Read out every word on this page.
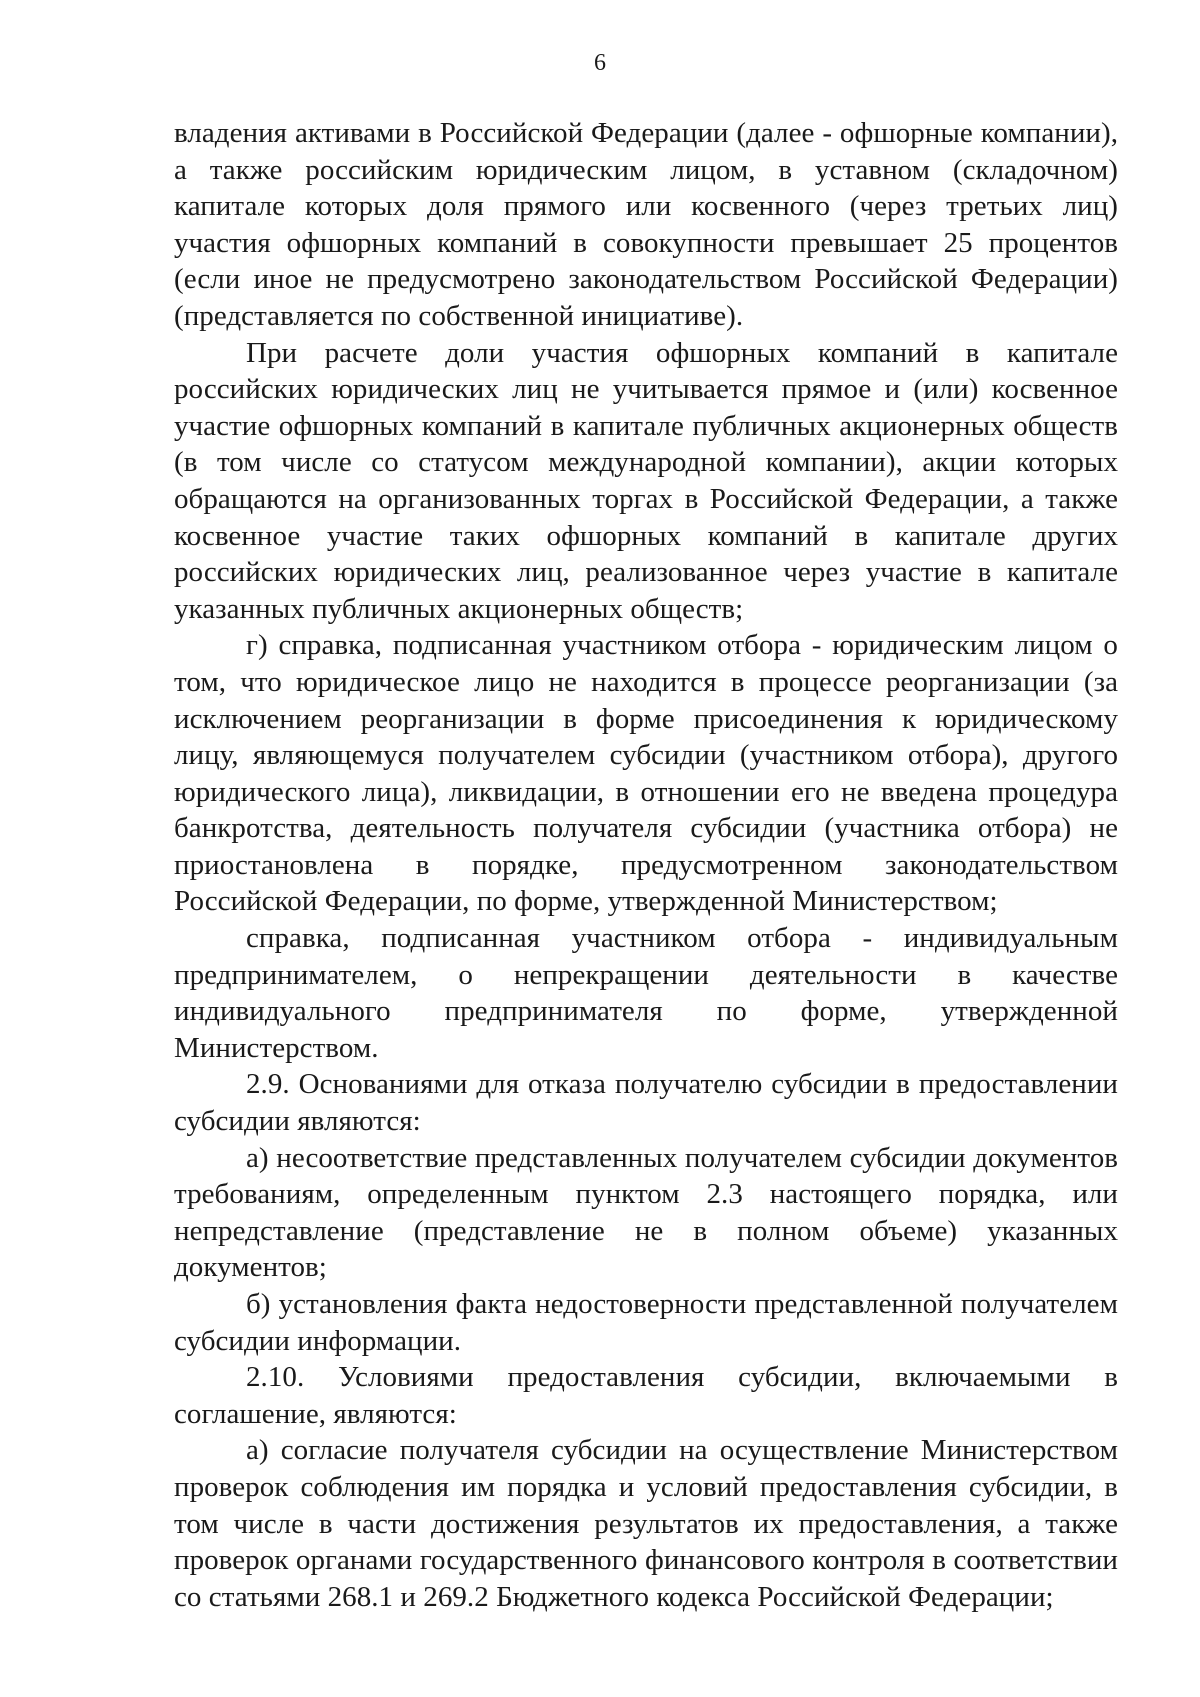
6

владения активами в Российской Федерации (далее - офшорные компании), а также российским юридическим лицом, в уставном (складочном) капитале которых доля прямого или косвенного (через третьих лиц) участия офшорных компаний в совокупности превышает 25 процентов (если иное не предусмотрено законодательством Российской Федерации) (представляется по собственной инициативе).

При расчете доли участия офшорных компаний в капитале российских юридических лиц не учитывается прямое и (или) косвенное участие офшорных компаний в капитале публичных акционерных обществ (в том числе со статусом международной компании), акции которых обращаются на организованных торгах в Российской Федерации, а также косвенное участие таких офшорных компаний в капитале других российских юридических лиц, реализованное через участие в капитале указанных публичных акционерных обществ;

г) справка, подписанная участником отбора - юридическим лицом о том, что юридическое лицо не находится в процессе реорганизации (за исключением реорганизации в форме присоединения к юридическому лицу, являющемуся получателем субсидии (участником отбора), другого юридического лица), ликвидации, в отношении его не введена процедура банкротства, деятельность получателя субсидии (участника отбора) не приостановлена в порядке, предусмотренном законодательством Российской Федерации, по форме, утвержденной Министерством;

справка, подписанная участником отбора - индивидуальным предпринимателем, о непрекращении деятельности в качестве индивидуального предпринимателя по форме, утвержденной Министерством.

2.9. Основаниями для отказа получателю субсидии в предоставлении субсидии являются:

а) несоответствие представленных получателем субсидии документов требованиям, определенным пунктом 2.3 настоящего порядка, или непредставление (представление не в полном объеме) указанных документов;

б) установления факта недостоверности представленной получателем субсидии информации.

2.10. Условиями предоставления субсидии, включаемыми в соглашение, являются:

а) согласие получателя субсидии на осуществление Министерством проверок соблюдения им порядка и условий предоставления субсидии, в том числе в части достижения результатов их предоставления, а также проверок органами государственного финансового контроля в соответствии со статьями 268.1 и 269.2 Бюджетного кодекса Российской Федерации;
